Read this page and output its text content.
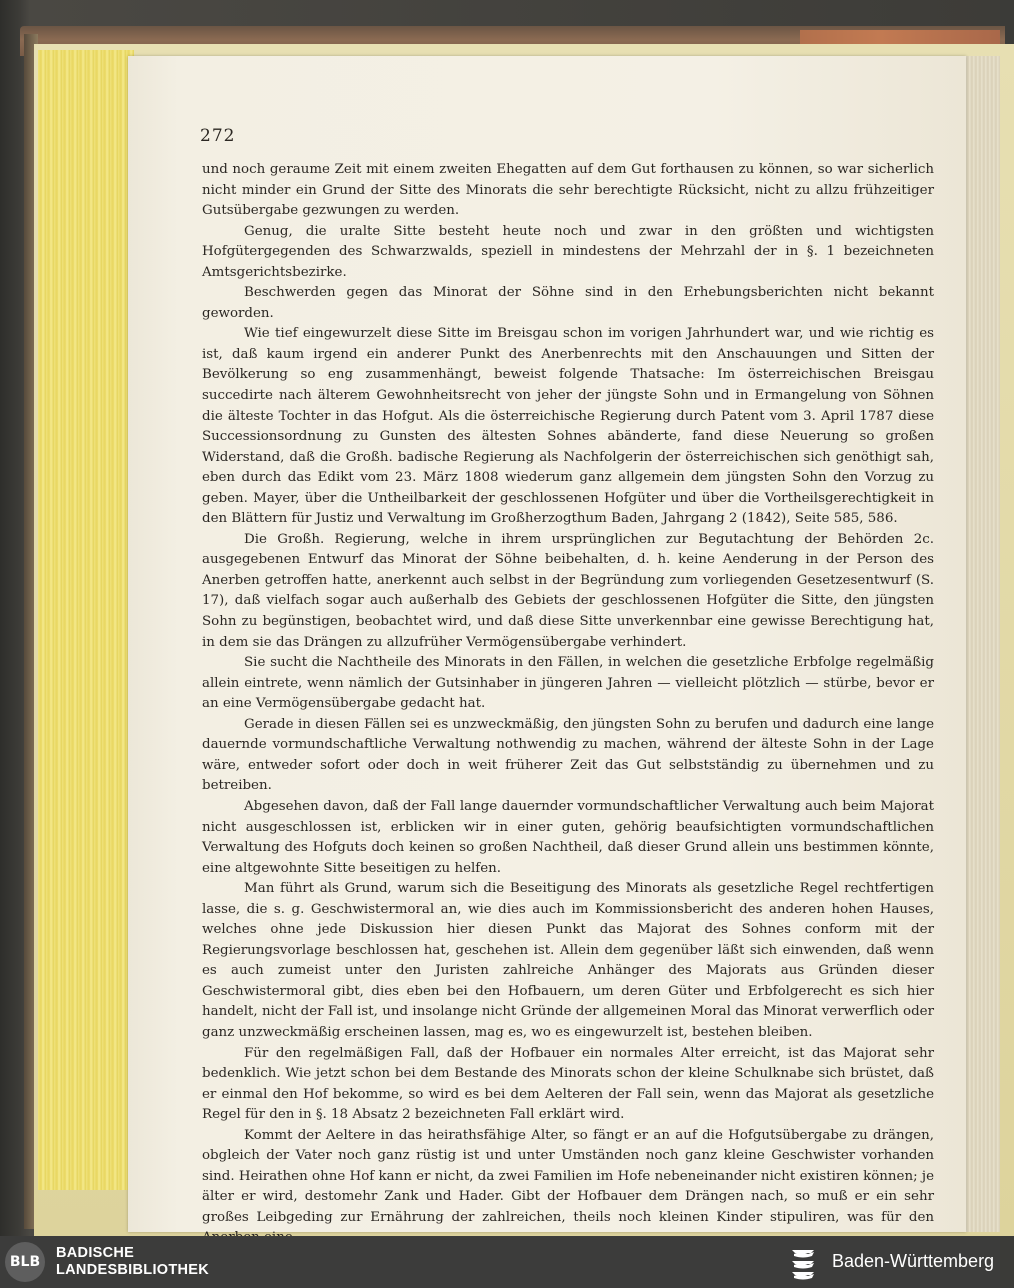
272

und noch geraume Zeit mit einem zweiten Ehegatten auf dem Gut forthausen zu können, so war sicherlich nicht minder ein Grund der Sitte des Minorats die sehr berechtigte Rücksicht, nicht zu allzu frühzeitiger Gutsübergabe gezwungen zu werden.

Genug, die uralte Sitte besteht heute noch und zwar in den größten und wichtigsten Hofgütergegenden des Schwarzwalds, speziell in mindestens der Mehrzahl der in §. 1 bezeichneten Amtsgerichtsbezirke.

Beschwerden gegen das Minorat der Söhne sind in den Erhebungsberichten nicht bekannt geworden.

Wie tief eingewurzelt diese Sitte im Breisgau schon im vorigen Jahrhundert war, und wie richtig es ist, daß kaum irgend ein anderer Punkt des Anerbenrechts mit den Anschauungen und Sitten der Bevölkerung so eng zusammenhängt, beweist folgende Thatsache: Im österreichischen Breisgau succedirte nach älterem Gewohnheitsrecht von jeher der jüngste Sohn und in Ermangelung von Söhnen die älteste Tochter in das Hofgut. Als die österreichische Regierung durch Patent vom 3. April 1787 diese Successionsordnung zu Gunsten des ältesten Sohnes abänderte, fand diese Neuerung so großen Widerstand, daß die Großh. badische Regierung als Nachfolgerin der österreichischen sich genöthigt sah, eben durch das Edikt vom 23. März 1808 wiederum ganz allgemein dem jüngsten Sohn den Vorzug zu geben. Mayer, über die Untheilbarkeit der geschlossenen Hofgüter und über die Vortheilsgerechtigkeit in den Blättern für Justiz und Verwaltung im Großherzogthum Baden, Jahrgang 2 (1842), Seite 585, 586.

Die Großh. Regierung, welche in ihrem ursprünglichen zur Begutachtung der Behörden 2c. ausgegebenen Entwurf das Minorat der Söhne beibehalten, d. h. keine Aenderung in der Person des Anerben getroffen hatte, anerkennt auch selbst in der Begründung zum vorliegenden Gesetzesentwurf (S. 17), daß vielfach sogar auch außerhalb des Gebiets der geschlossenen Hofgüter die Sitte, den jüngsten Sohn zu begünstigen, beobachtet wird, und daß diese Sitte unverkennbar eine gewisse Berechtigung hat, in dem sie das Drängen zu allzufrüher Vermögensübergabe verhindert.

Sie sucht die Nachtheile des Minorats in den Fällen, in welchen die gesetzliche Erbfolge regelmäßig allein eintrete, wenn nämlich der Gutsinhaber in jüngeren Jahren — vielleicht plötzlich — stürbe, bevor er an eine Vermögensübergabe gedacht hat.

Gerade in diesen Fällen sei es unzweckmäßig, den jüngsten Sohn zu berufen und dadurch eine lange dauernde vormundschaftliche Verwaltung nothwendig zu machen, während der älteste Sohn in der Lage wäre, entweder sofort oder doch in weit früherer Zeit das Gut selbstständig zu übernehmen und zu betreiben.

Abgesehen davon, daß der Fall lange dauernder vormundschaftlicher Verwaltung auch beim Majorat nicht ausgeschlossen ist, erblicken wir in einer guten, gehörig beaufsichtigten vormundschaftlichen Verwaltung des Hofguts doch keinen so großen Nachtheil, daß dieser Grund allein uns bestimmen könnte, eine altgewohnte Sitte beseitigen zu helfen.

Man führt als Grund, warum sich die Beseitigung des Minorats als gesetzliche Regel rechtfertigen lasse, die s. g. Geschwistermoral an, wie dies auch im Kommissionsbericht des anderen hohen Hauses, welches ohne jede Diskussion hier diesen Punkt das Majorat des Sohnes conform mit der Regierungsvorlage beschlossen hat, geschehen ist. Allein dem gegenüber läßt sich einwenden, daß wenn es auch zumeist unter den Juristen zahlreiche Anhänger des Majorats aus Gründen dieser Geschwistermoral gibt, dies eben bei den Hofbauern, um deren Güter und Erbfolgerecht es sich hier handelt, nicht der Fall ist, und insolange nicht Gründe der allgemeinen Moral das Minorat verwerflich oder ganz unzweckmäßig erscheinen lassen, mag es, wo es eingewurzelt ist, bestehen bleiben.

Für den regelmäßigen Fall, daß der Hofbauer ein normales Alter erreicht, ist das Majorat sehr bedenklich. Wie jetzt schon bei dem Bestande des Minorats schon der kleine Schulknabe sich brüstet, daß er einmal den Hof bekomme, so wird es bei dem Aelteren der Fall sein, wenn das Majorat als gesetzliche Regel für den in §. 18 Absatz 2 bezeichneten Fall erklärt wird.

Kommt der Aeltere in das heirathsfähige Alter, so fängt er an auf die Hofgutsübergabe zu drängen, obgleich der Vater noch ganz rüstig ist und unter Umständen noch ganz kleine Geschwister vorhanden sind. Heirathen ohne Hof kann er nicht, da zwei Familien im Hofe nebeneinander nicht existiren können; je älter er wird, destomehr Zank und Hader. Gibt der Hofbauer dem Drängen nach, so muß er ein sehr großes Leibgeding zur Ernährung der zahlreichen, theils noch kleinen Kinder stipuliren, was für den

BLB
BADISCHE
LANDESBIBLIOTHEK	Baden-Württemberg
